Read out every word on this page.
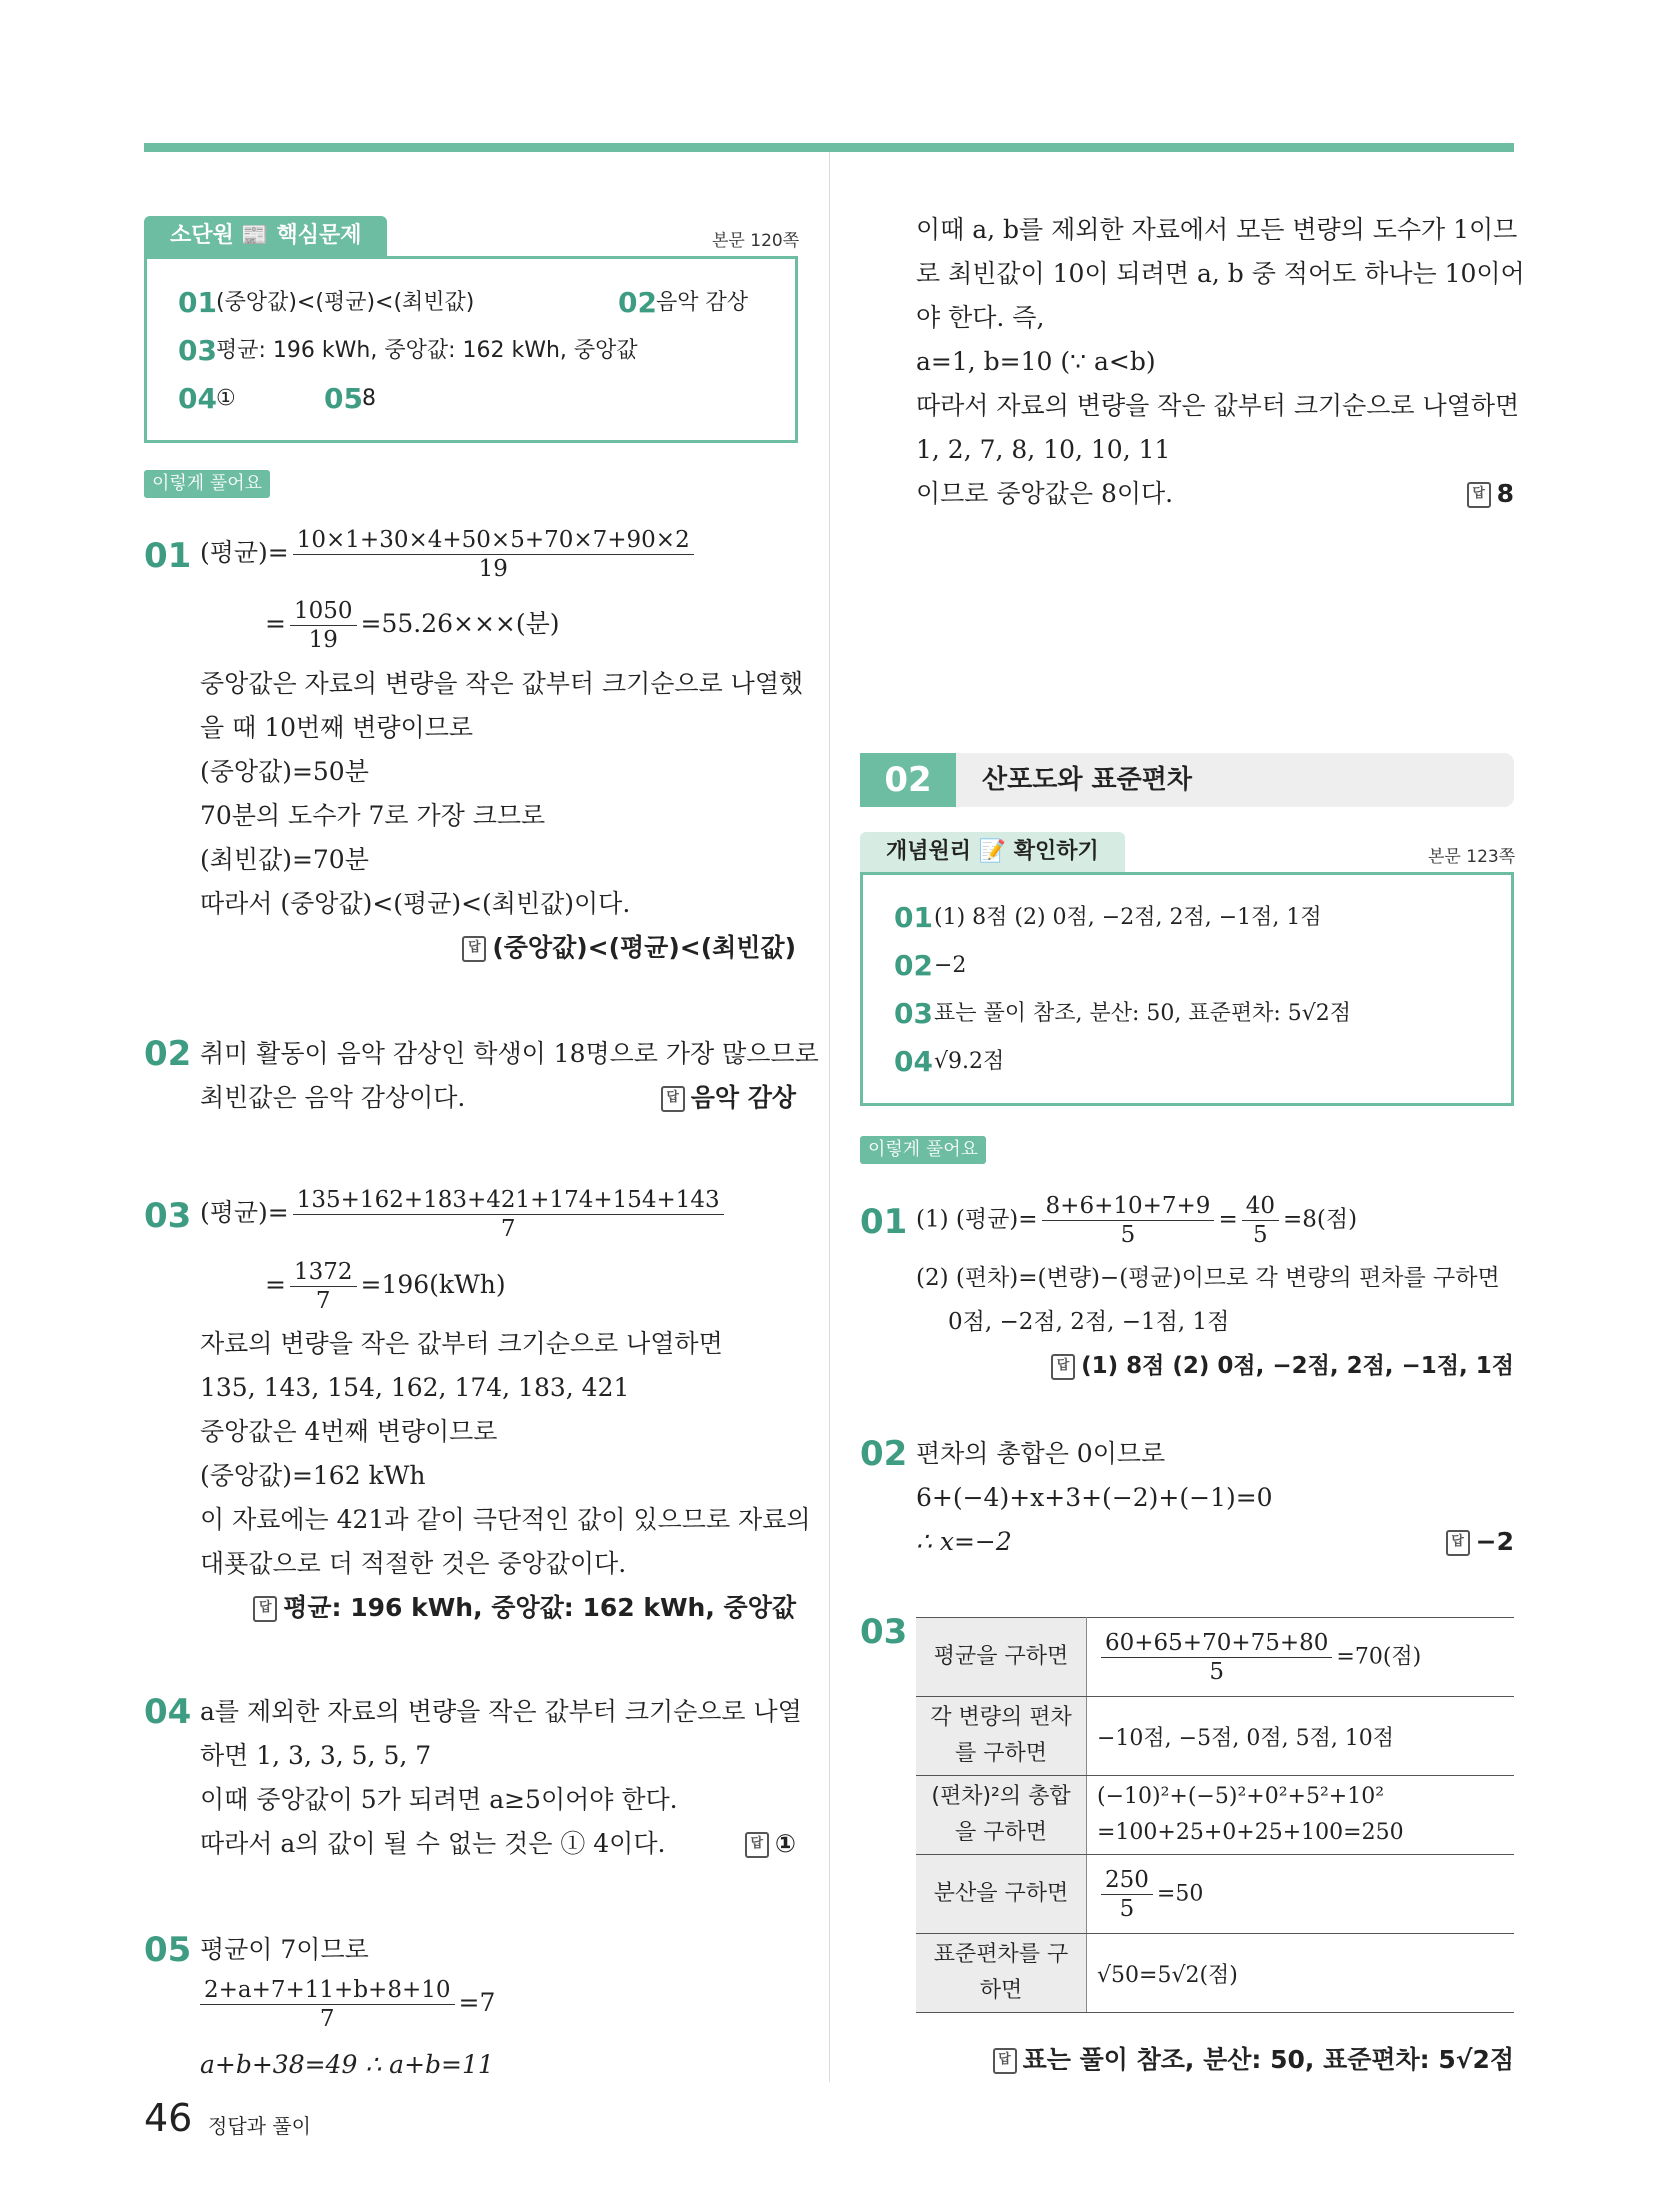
소단원 📰 핵심문제	본문 120쪽
01 (중앙값)<(평균)<(최빈값)	02 음악 감상
03 평균: 196 kWh, 중앙값: 162 kWh, 중앙값
04 ①	05 8
이렇게 풀어요
01 (평균)= $\frac{10\times 1+30\times 4+50\times 5+70\times 7+90\times 2}{19}$
= $\frac{1050}{19} =55.26\times\times\times$(분)
중앙값은 자료의 변량을 작은 값부터 크기순으로 나열했
을 때 10번째 변량이므로
(중앙값)=50분
70분의 도수가 7로 가장 크므로
(최빈값)=70분
따라서 (중앙값)<(평균)<(최빈값)이다.
답 (중앙값)<(평균)<(최빈값)
02 취미 활동이 음악 감상인 학생이 18명으로 가장 많으므로
최빈값은 음악 감상이다.	답 음악 감상
03 (평균)= $\frac{135+162+183+421+174+154+143}{7}$
= $\frac{1372}{7} =196(kWh)$
자료의 변량을 작은 값부터 크기순으로 나열하면
135, 143, 154, 162, 174, 183, 421
중앙값은 4번째 변량이므로
(중앙값)=162 kWh
이 자료에는 421과 같이 극단적인 값이 있으므로 자료의
대푯값으로 더 적절한 것은 중앙값이다.
답 평균: 196 kWh, 중앙값: 162 kWh, 중앙값
04 a를 제외한 자료의 변량을 작은 값부터 크기순으로 나열
하면 1, 3, 3, 5, 5, 7
이때 중앙값이 5가 되려면 a≥5이어야 한다.
따라서 a의 값이 될 수 없는 것은 ① 4이다.	답 ①
05 평균이 7이므로
$\frac{2+a+7+11+b+8+10}{7} =7$
a+b+38=49 ∴ a+b=11
이때 a, b를 제외한 자료에서 모든 변량의 도수가 1이므
로 최빈값이 10이 되려면 a, b 중 적어도 하나는 10이어
야 한다. 즉,
a=1, b=10 (∵ a<b)
따라서 자료의 변량을 작은 값부터 크기순으로 나열하면
1, 2, 7, 8, 10, 10, 11
이므로 중앙값은 8이다.	답 8
02	산포도와 표준편차
개념원리 📝 확인하기	본문 123쪽
01 (1) 8점 (2) 0점, −2점, 2점, −1점, 1점
02 −2
03 표는 풀이 참조, 분산: 50, 표준편차: 5√2점
04 √9.2점
이렇게 풀어요
01 (1) (평균)= $\frac{8+6+10+7+9}{5} = \frac{40}{5} =8$(점)
(2) (편차)=(변량)−(평균)이므로 각 변량의 편차를 구하면
0점, −2점, 2점, −1점, 1점
답 (1) 8점 (2) 0점, −2점, 2점, −1점, 1점
02 편차의 총합은 0이므로
6+(−4)+x+3+(−2)+(−1)=0
∴ x=−2	답 −2
03
평균을 구하면	$\frac{60+65+70+75+80}{5} =70$(점)
각 변량의 편차를 구하면	−10점, −5점, 0점, 5점, 10점
(편차)²의 총합을 구하면	(−10)²+(−5)²+0²+5²+10²
=100+25+0+25+100=250

분산을 구하면	$\frac{250}{5} =50$
표준편차를 구하면	√50=5√2(점)
답 표는 풀이 참조, 분산: 50, 표준편차: 5√2점
46 정답과 풀이
